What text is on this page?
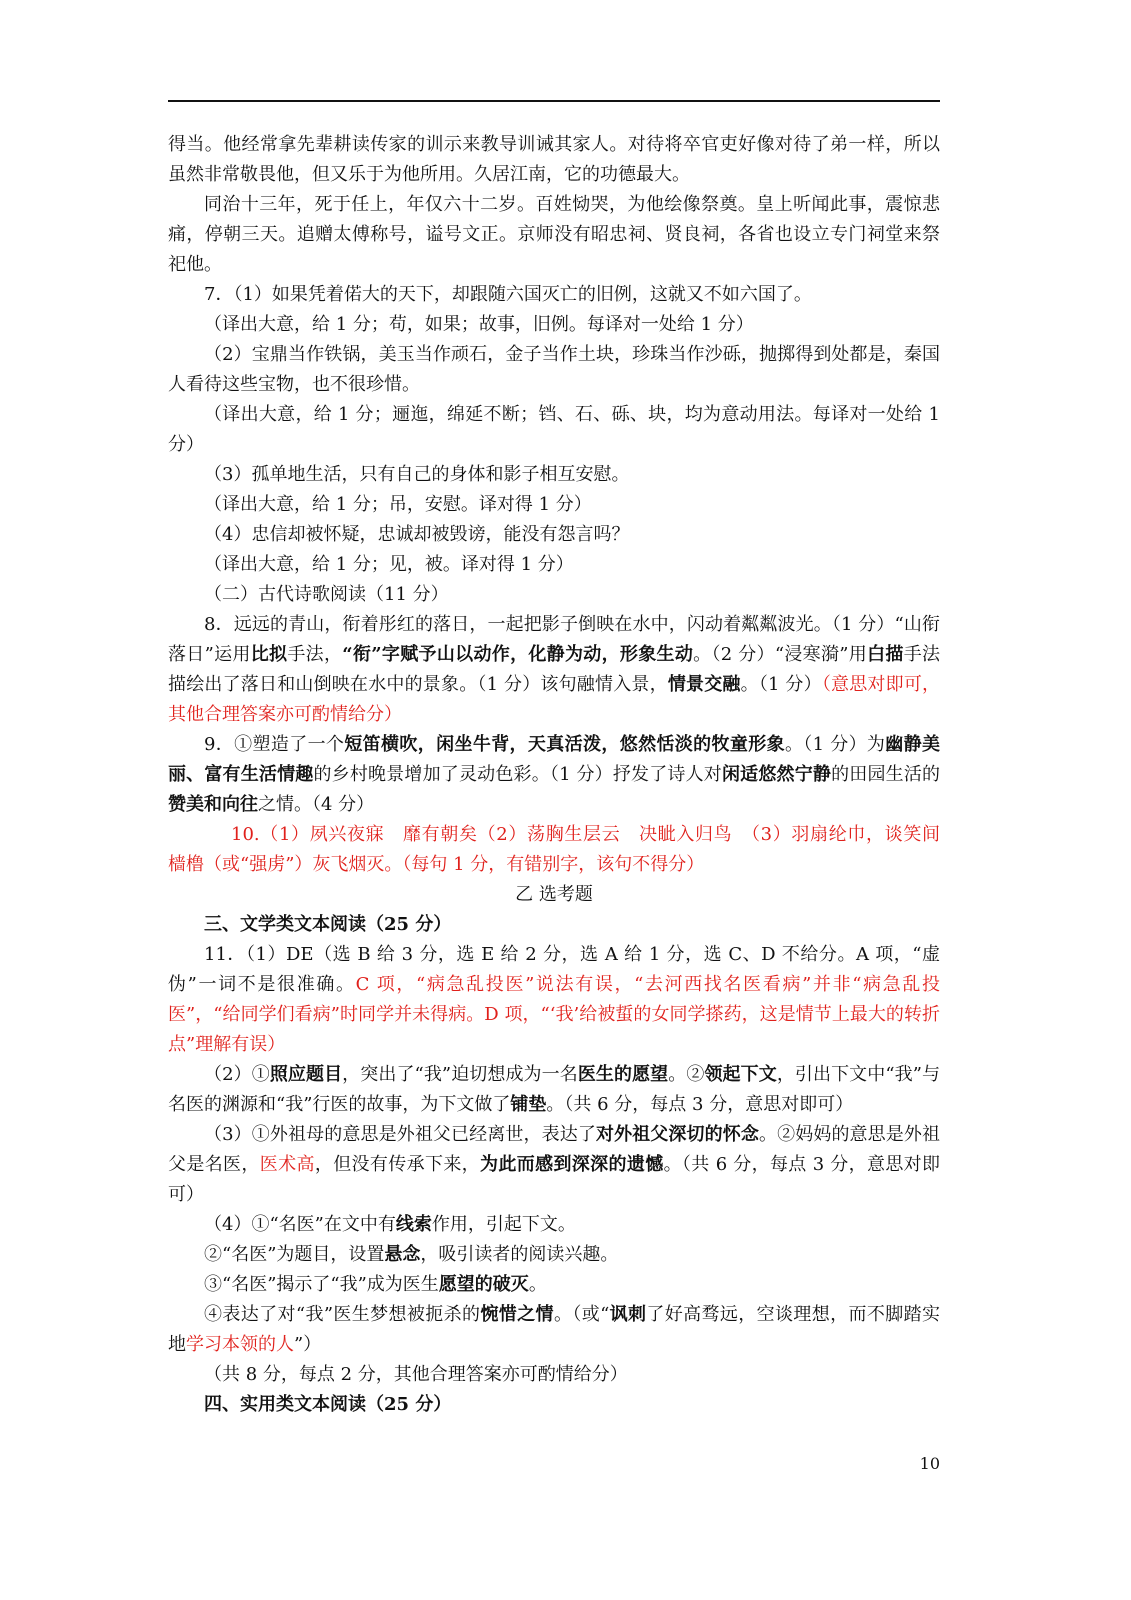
得当。他经常拿先辈耕读传家的训示来教导训诫其家人。对待将卒官吏好像对待了弟一样，所以虽然非常敬畏他，但又乐于为他所用。久居江南，它的功德最大。

同治十三年，死于任上，年仅六十二岁。百姓恸哭，为他绘像祭奠。皇上听闻此事，震惊悲痛，停朝三天。追赠太傅称号，谥号文正。京师没有昭忠祠、贤良祠，各省也设立专门祠堂来祭祀他。

7．（1）如果凭着偌大的天下，却跟随六国灭亡的旧例，这就又不如六国了。

（译出大意，给 1 分；苟，如果；故事，旧例。每译对一处给 1 分）

（2）宝鼎当作铁锅，美玉当作顽石，金子当作土块，珍珠当作沙砾，抛掷得到处都是，秦国人看待这些宝物，也不很珍惜。

（译出大意，给 1 分；逦迤，绵延不断；铛、石、砾、块，均为意动用法。每译对一处给 1 分）

（3）孤单地生活，只有自己的身体和影子相互安慰。

（译出大意，给 1 分；吊，安慰。译对得 1 分）

（4）忠信却被怀疑，忠诚却被毁谤，能没有怨言吗？

（译出大意，给 1 分；见，被。译对得 1 分）

（二）古代诗歌阅读（11 分）

8．远远的青山，衔着彤红的落日，一起把影子倒映在水中，闪动着粼粼波光。（1 分）“山衔落日”运用比拟手法，“衔”字赋予山以动作，化静为动，形象生动。（2 分）“浸寒漪”用白描手法描绘出了落日和山倒映在水中的景象。（1 分）该句融情入景，情景交融。（1 分）（意思对即可，其他合理答案亦可酌情给分）

9．①塑造了一个短笛横吹，闲坐牛背，天真活泼，悠然恬淡的牧童形象。（1 分）为幽静美丽、富有生活情趣的乡村晚景增加了灵动色彩。（1 分）抒发了诗人对闲适悠然宁静的田园生活的赞美和向往之情。（4 分）

10.（1）夙兴夜寐　靡有朝矣（2）荡胸生层云　决眦入归鸟　（3）羽扇纶巾，谈笑间　樯橹（或“强虏”）灰飞烟灭。（每句 1 分，有错别字，该句不得分）

乙 选考题

三、文学类文本阅读（25 分）

11．（1）DE（选 B 给 3 分，选 E 给 2 分，选 A 给 1 分，选 C、D 不给分。A 项，“虚伪”一词不是很准确。C 项，“病急乱投医”说法有误，“去河西找名医看病”并非“病急乱投医”，“给同学们看病”时同学并未得病。D 项，“‘我’给被蜇的女同学搽药，这是情节上最大的转折点”理解有误）

（2）①照应题目，突出了“我”迫切想成为一名医生的愿望。②领起下文，引出下文中“我”与名医的渊源和“我”行医的故事，为下文做了铺垫。（共 6 分，每点 3 分，意思对即可）

（3）①外祖母的意思是外祖父已经离世，表达了对外祖父深切的怀念。②妈妈的意思是外祖父是名医，医术高，但没有传承下来，为此而感到深深的遗憾。（共 6 分，每点 3 分，意思对即可）

（4）①“名医”在文中有线索作用，引起下文。

②“名医”为题目，设置悬念，吸引读者的阅读兴趣。

③“名医”揭示了“我”成为医生愿望的破灭。

④表达了对“我”医生梦想被扼杀的惋惜之情。（或“讽刺了好高骛远，空谈理想，而不脚踏实地学习本领的人”）

（共 8 分，每点 2 分，其他合理答案亦可酌情给分）

四、实用类文本阅读（25 分）

10
